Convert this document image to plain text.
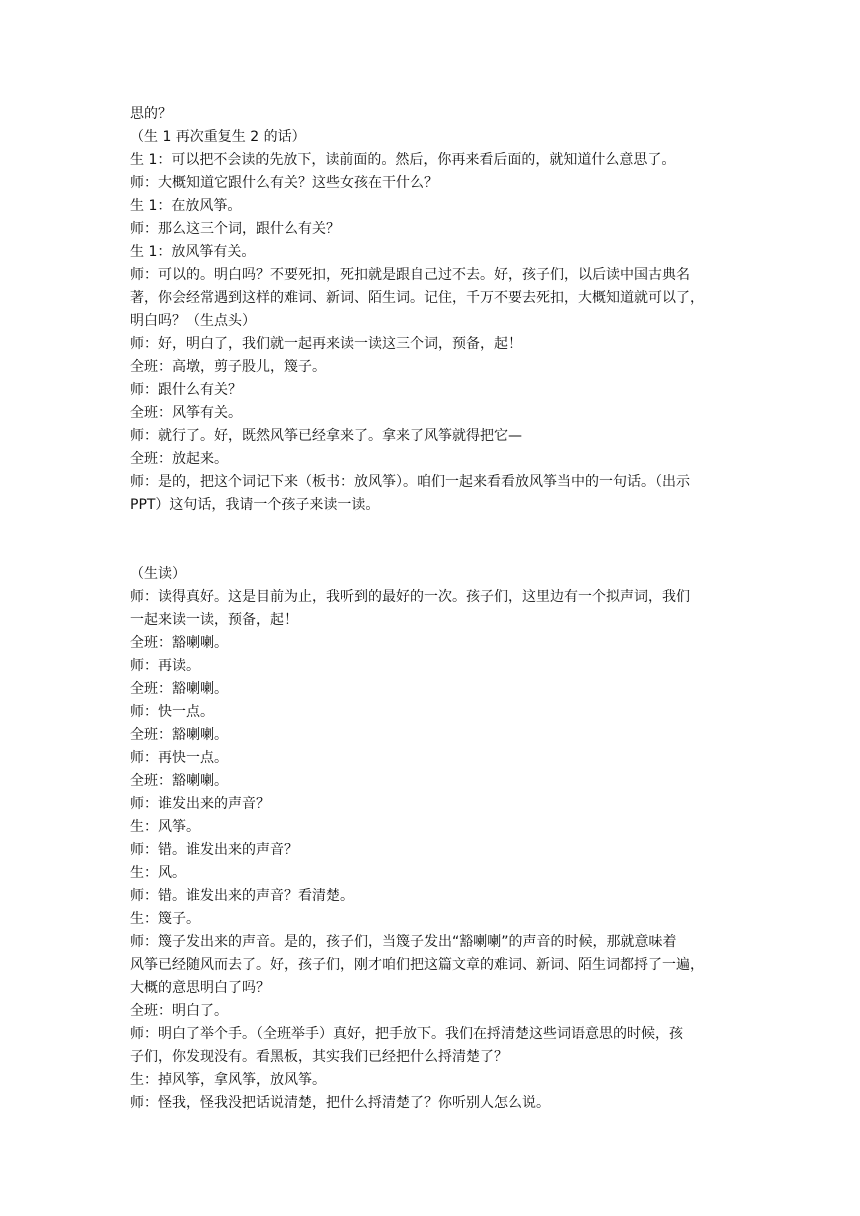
思的？

（生 1 再次重复生 2 的话）

生 1：可以把不会读的先放下，读前面的。然后，你再来看后面的，就知道什么意思了。

师：大概知道它跟什么有关？这些女孩在干什么？

生 1：在放风筝。

师：那么这三个词，跟什么有关？

生 1：放风筝有关。

师：可以的。明白吗？不要死扣，死扣就是跟自己过不去。好，孩子们，以后读中国古典名

著，你会经常遇到这样的难词、新词、陌生词。记住，千万不要去死扣，大概知道就可以了，

明白吗？（生点头）

师：好，明白了，我们就一起再来读一读这三个词，预备，起！

全班：高墩，剪子股儿，篾子。

师：跟什么有关？

全班：风筝有关。

师：就行了。好，既然风筝已经拿来了。拿来了风筝就得把它—

全班：放起来。

师：是的，把这个词记下来（板书：放风筝）。咱们一起来看看放风筝当中的一句话。（出示

PPT）这句话，我请一个孩子来读一读。

（生读）

师：读得真好。这是目前为止，我听到的最好的一次。孩子们，这里边有一个拟声词，我们

一起来读一读，预备，起！

全班：豁喇喇。

师：再读。

全班：豁喇喇。

师：快一点。

全班：豁喇喇。

师：再快一点。

全班：豁喇喇。

师：谁发出来的声音？

生：风筝。

师：错。谁发出来的声音？

生：风。

师：错。谁发出来的声音？看清楚。

生：篾子。

师：篾子发出来的声音。是的，孩子们，当篾子发出“豁喇喇”的声音的时候，那就意味着

风筝已经随风而去了。好，孩子们，刚才咱们把这篇文章的难词、新词、陌生词都捋了一遍，

大概的意思明白了吗？

全班：明白了。

师：明白了举个手。（全班举手）真好，把手放下。我们在捋清楚这些词语意思的时候，孩

子们，你发现没有。看黑板，其实我们已经把什么捋清楚了？

生：掉风筝，拿风筝，放风筝。

师：怪我，怪我没把话说清楚，把什么捋清楚了？你听别人怎么说。
